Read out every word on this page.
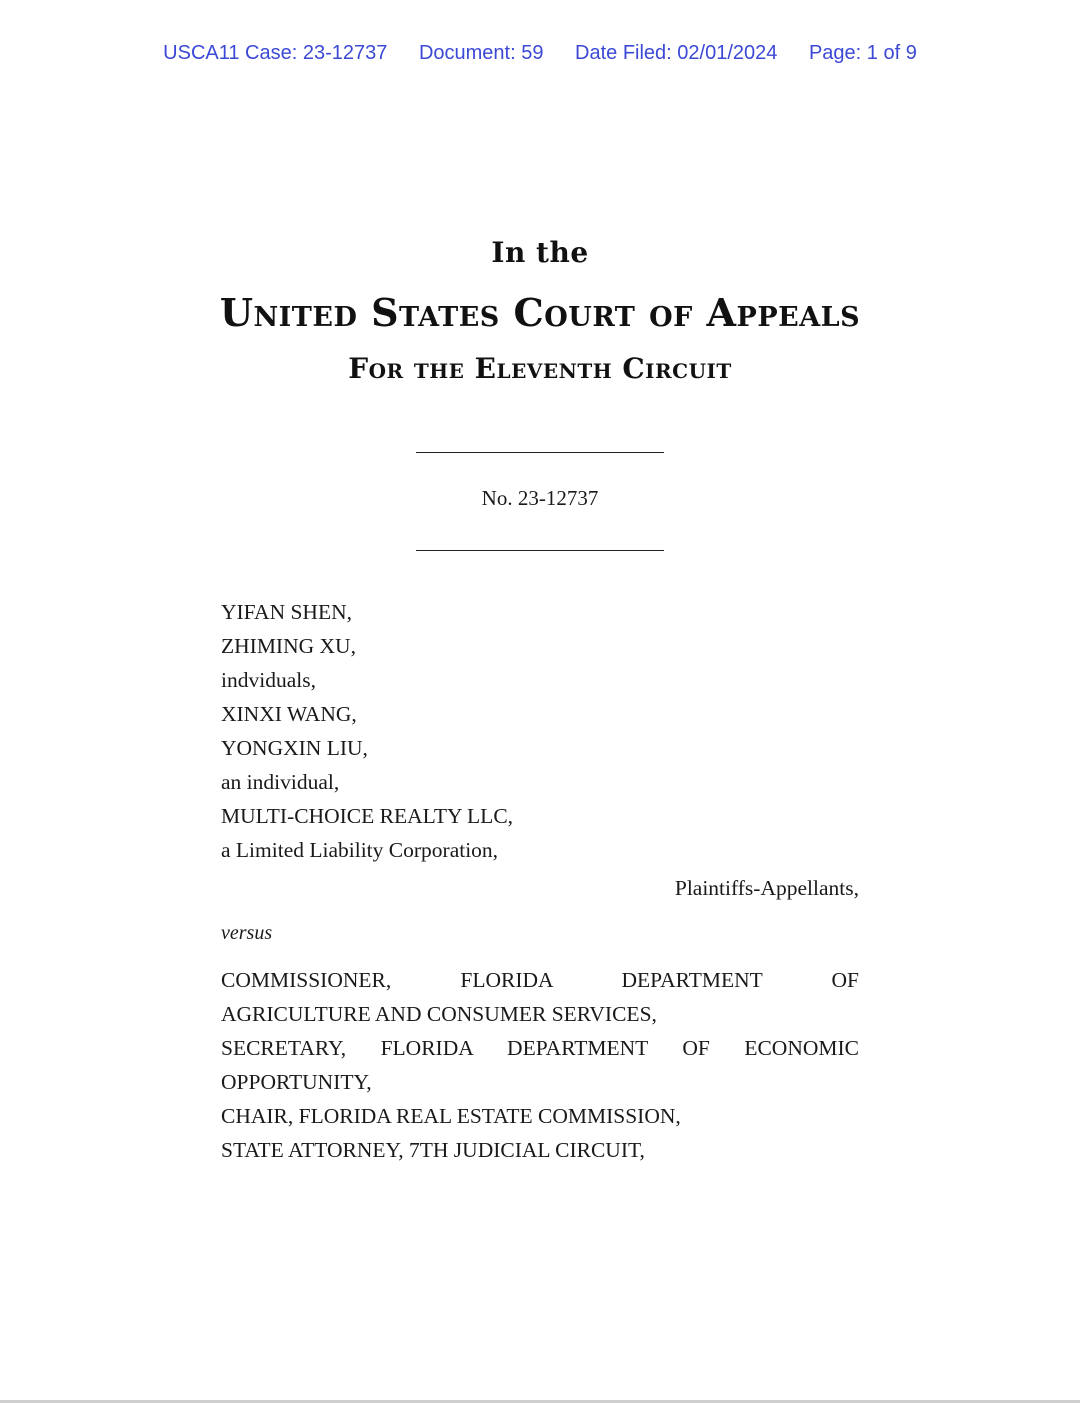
USCA11 Case: 23-12737 Document: 59 Date Filed: 02/01/2024 Page: 1 of 9
In the
United States Court of Appeals
For the Eleventh Circuit
No. 23-12737
YIFAN SHEN,
ZHIMING XU,
indviduals,
XINXI WANG,
YONGXIN LIU,
an individual,
MULTI-CHOICE REALTY LLC,
a Limited Liability Corporation,
Plaintiffs-Appellants,
versus
COMMISSIONER, FLORIDA DEPARTMENT OF
AGRICULTURE AND CONSUMER SERVICES,
SECRETARY, FLORIDA DEPARTMENT OF ECONOMIC
OPPORTUNITY,
CHAIR, FLORIDA REAL ESTATE COMMISSION,
STATE ATTORNEY, 7TH JUDICIAL CIRCUIT,
